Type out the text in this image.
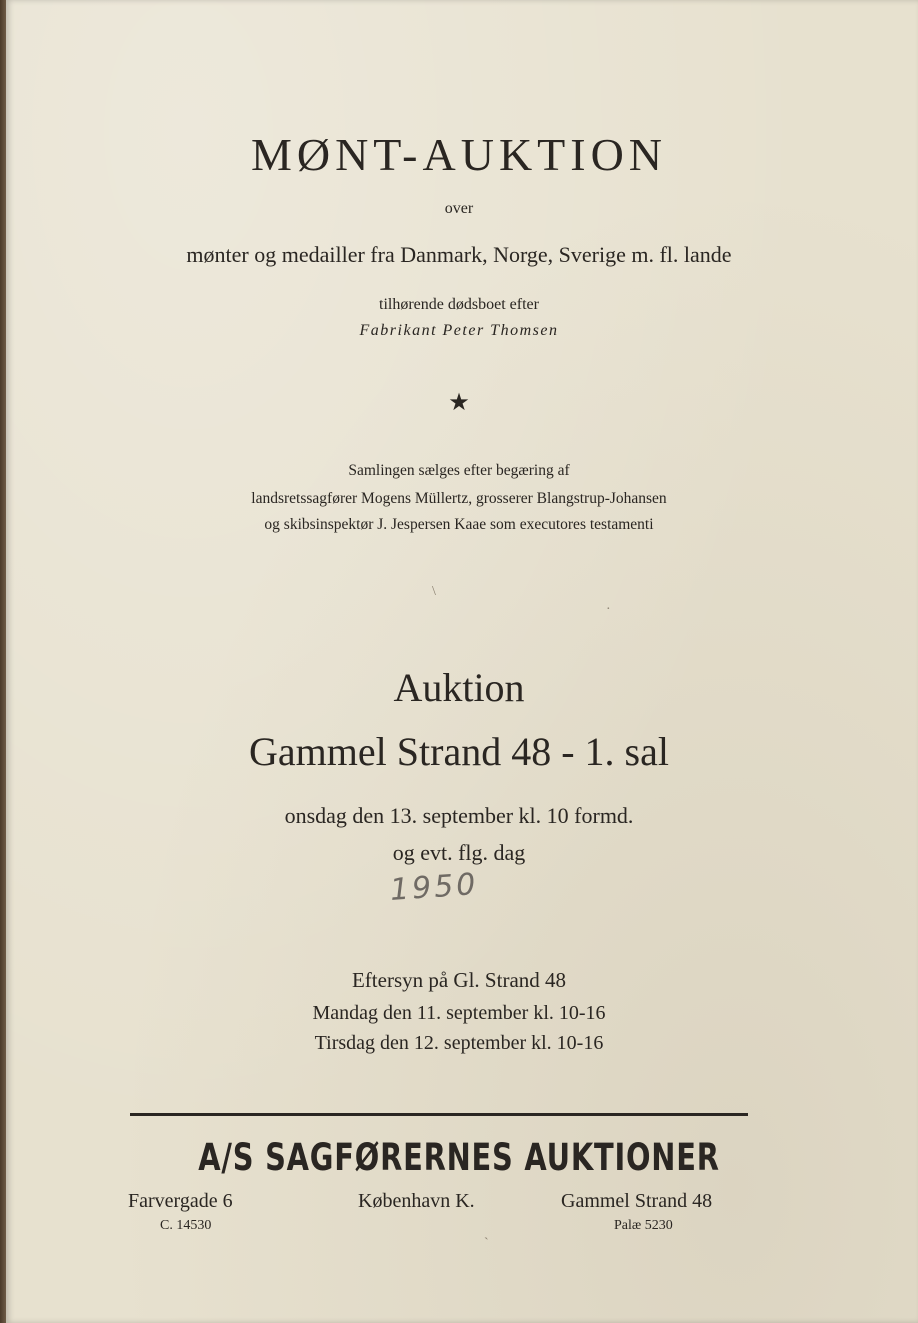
MØNT-AUKTION
over
mønter og medailler fra Danmark, Norge, Sverige m. fl. lande
tilhørende dødsboet efter
Fabrikant Peter Thomsen
★
Samlingen sælges efter begæring af
landsretssagfører Mogens Müllertz, grosserer Blangstrup-Johansen
og skibsinspektør J. Jespersen Kaae som executores testamenti
Auktion
Gammel Strand 48 - 1. sal
onsdag den 13. september kl. 10 formd.
og evt. flg. dag
1950
Eftersyn på Gl. Strand 48
Mandag den 11. september kl. 10-16
Tirsdag den 12. september kl. 10-16
A/S SAGFØRERNES AUKTIONER
Farvergade 6	København K.	Gammel Strand 48
C. 14530	Palæ 5230
\
·
`
